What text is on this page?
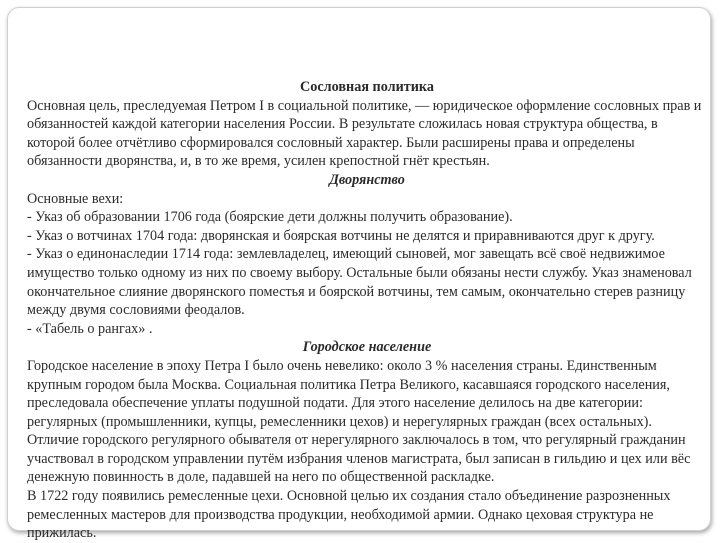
Сословная политика

Основная цель, преследуемая Петром I в социальной политике, — юридическое оформление сословных прав и обязанностей каждой категории населения России. В результате сложилась новая структура общества, в которой более отчётливо сформировался сословный характер. Были расширены права и определены обязанности дворянства, и, в то же время, усилен крепостной гнёт крестьян.

Дворянство

Основные вехи:

- Указ об образовании 1706 года (боярские дети должны получить образование).

- Указ о вотчинах 1704 года: дворянская и боярская вотчины не делятся и приравниваются друг к другу.

- Указ о единонаследии 1714 года: землевладелец, имеющий сыновей, мог завещать всё своё недвижимое имущество только одному из них по своему выбору. Остальные были обязаны нести службу. Указ знаменовал окончательное слияние дворянского поместья и боярской вотчины, тем самым, окончательно стерев разницу между двумя сословиями феодалов.

- «Табель о рангах» .

Городское население

Городское население в эпоху Петра I было очень невелико: около 3 % населения страны. Единственным крупным городом была Москва. Социальная политика Петра Великого, касавшаяся городского населения, преследовала обеспечение уплаты подушной подати. Для этого население делилось на две категории: регулярных (промышленники, купцы, ремесленники цехов) и нерегулярных граждан (всех остальных). Отличие городского регулярного обывателя от нерегулярного заключалось в том, что регулярный гражданин участвовал в городском управлении путём избрания членов магистрата, был записан в гильдию и цех или вёс денежную повинность в доле, падавшей на него по общественной раскладке.

В 1722 году появились ремесленные цехи. Основной целью их создания стало объединение разрозненных ремесленных мастеров для производства продукции, необходимой армии. Однако цеховая структура не прижилась.
